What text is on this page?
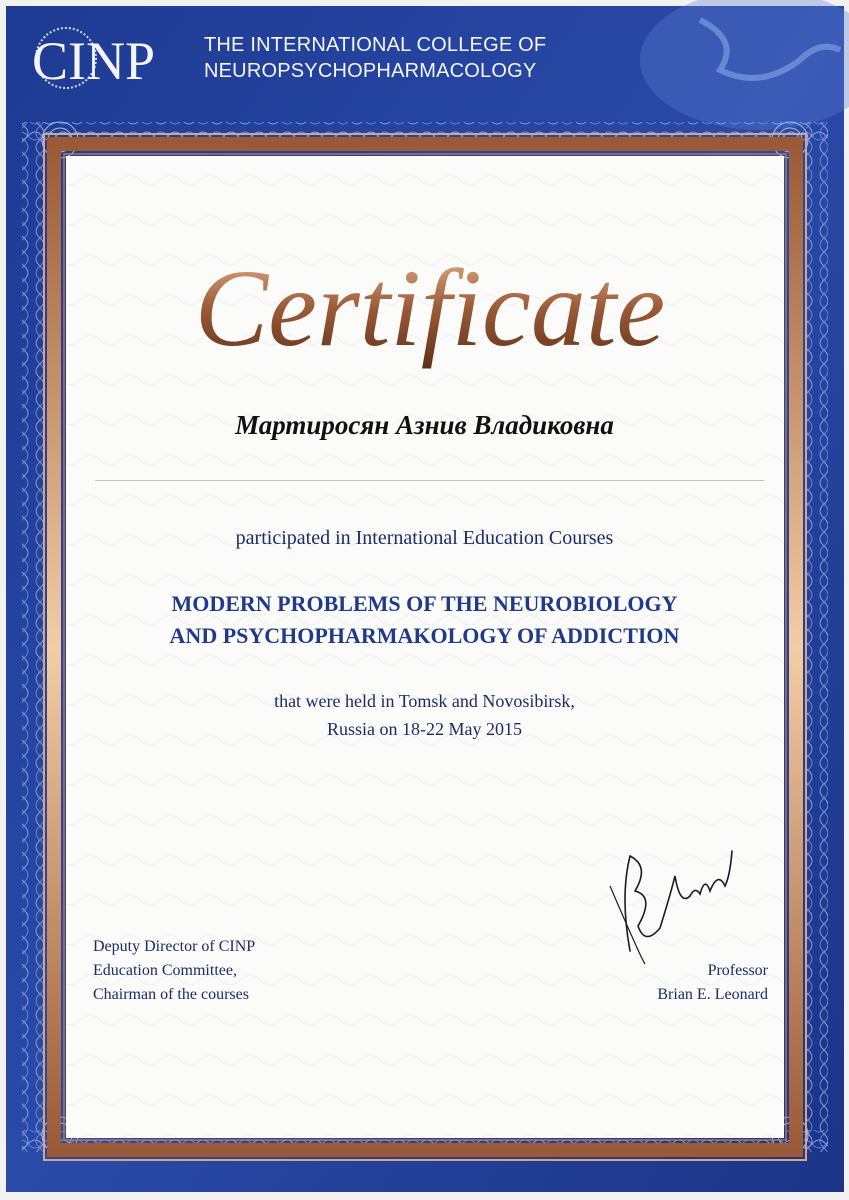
CINP THE INTERNATIONAL COLLEGE OF
NEUROPSYCHOPHARMACOLOGY
Certificate
Мартиросян Азнив Владиковна
participated in International Education Courses
MODERN PROBLEMS OF THE NEUROBIOLOGY
AND PSYCHOPHARMAKOLOGY OF ADDICTION
that were held in Tomsk and Novosibirsk,
Russia on 18-22 May 2015
Deputy Director of CINP
Education Committee,
Chairman of the courses
Professor
Brian E. Leonard
